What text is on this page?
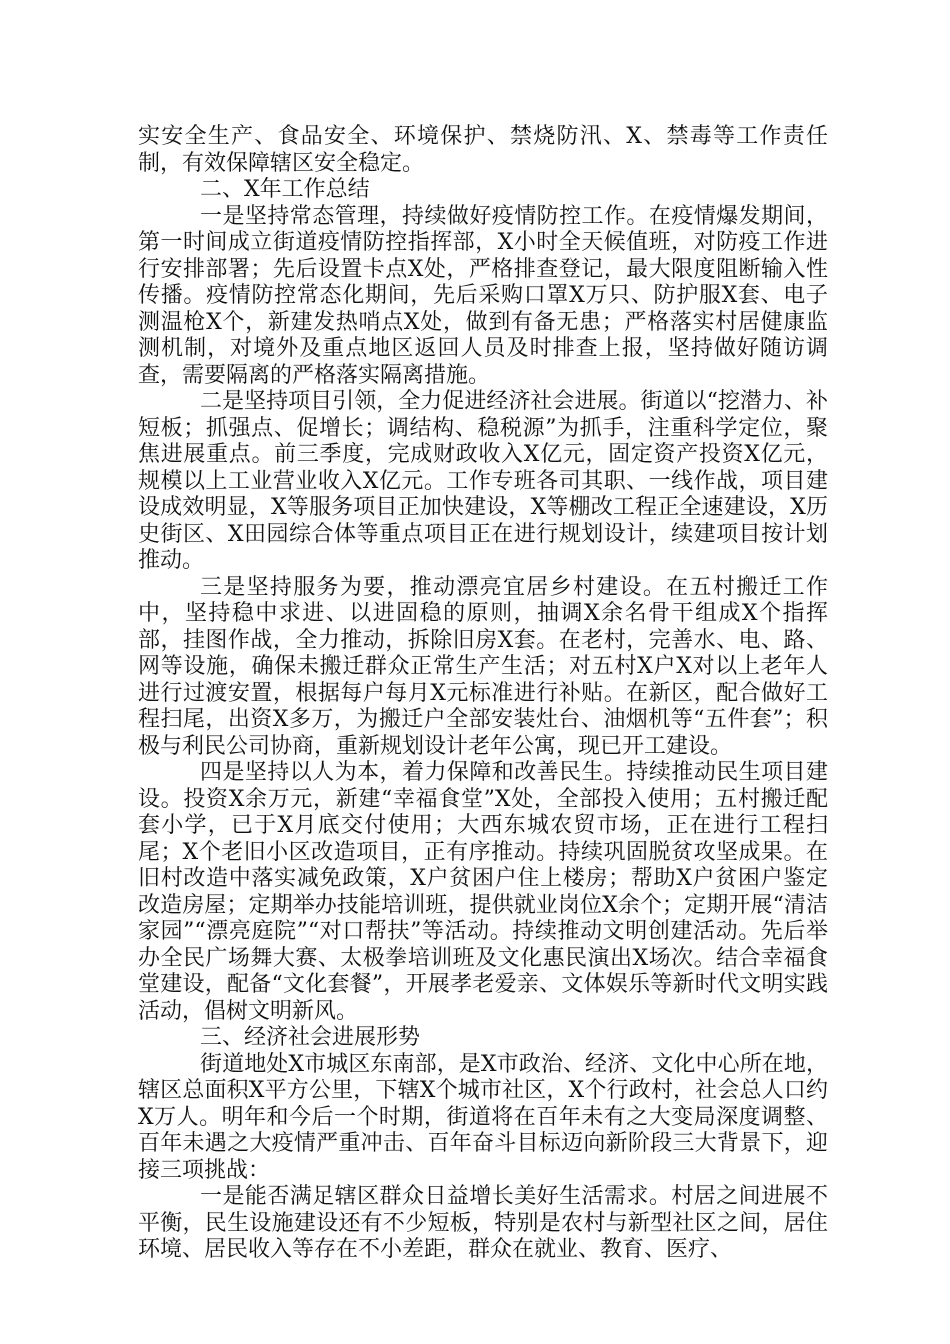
实安全生产、食品安全、环境保护、禁烧防汛、X、禁毒等工作责任制，有效保障辖区安全稳定。

二、X年工作总结

一是坚持常态管理，持续做好疫情防控工作。在疫情爆发期间，第一时间成立街道疫情防控指挥部，X小时全天候值班，对防疫工作进行安排部署；先后设置卡点X处，严格排查登记，最大限度阻断输入性传播。疫情防控常态化期间，先后采购口罩X万只、防护服X套、电子测温枪X个，新建发热哨点X处，做到有备无患；严格落实村居健康监测机制，对境外及重点地区返回人员及时排查上报，坚持做好随访调查，需要隔离的严格落实隔离措施。

二是坚持项目引领，全力促进经济社会进展。街道以“挖潜力、补短板；抓强点、促增长；调结构、稳税源”为抓手，注重科学定位，聚焦进展重点。前三季度，完成财政收入X亿元，固定资产投资X亿元，规模以上工业营业收入X亿元。工作专班各司其职、一线作战，项目建设成效明显，X等服务项目正加快建设，X等棚改工程正全速建设，X历史街区、X田园综合体等重点项目正在进行规划设计，续建项目按计划推动。

三是坚持服务为要，推动漂亮宜居乡村建设。在五村搬迁工作中，坚持稳中求进、以进固稳的原则，抽调X余名骨干组成X个指挥部，挂图作战，全力推动，拆除旧房X套。在老村，完善水、电、路、网等设施，确保未搬迁群众正常生产生活；对五村X户X对以上老年人进行过渡安置，根据每户每月X元标准进行补贴。在新区，配合做好工程扫尾，出资X多万，为搬迁户全部安装灶台、油烟机等“五件套”；积极与利民公司协商，重新规划设计老年公寓，现已开工建设。

四是坚持以人为本，着力保障和改善民生。持续推动民生项目建设。投资X余万元，新建“幸福食堂”X处，全部投入使用；五村搬迁配套小学，已于X月底交付使用；大西东城农贸市场，正在进行工程扫尾；X个老旧小区改造项目，正有序推动。持续巩固脱贫攻坚成果。在旧村改造中落实减免政策，X户贫困户住上楼房；帮助X户贫困户鉴定改造房屋；定期举办技能培训班，提供就业岗位X余个；定期开展“清洁家园”“漂亮庭院”“对口帮扶”等活动。持续推动文明创建活动。先后举办全民广场舞大赛、太极拳培训班及文化惠民演出X场次。结合幸福食堂建设，配备“文化套餐”，开展孝老爱亲、文体娱乐等新时代文明实践活动，倡树文明新风。

三、经济社会进展形势

街道地处X市城区东南部，是X市政治、经济、文化中心所在地，辖区总面积X平方公里，下辖X个城市社区，X个行政村，社会总人口约X万人。明年和今后一个时期，街道将在百年未有之大变局深度调整、百年未遇之大疫情严重冲击、百年奋斗目标迈向新阶段三大背景下，迎接三项挑战：

一是能否满足辖区群众日益增长美好生活需求。村居之间进展不平衡，民生设施建设还有不少短板，特别是农村与新型社区之间，居住环境、居民收入等存在不小差距，群众在就业、教育、医疗、
